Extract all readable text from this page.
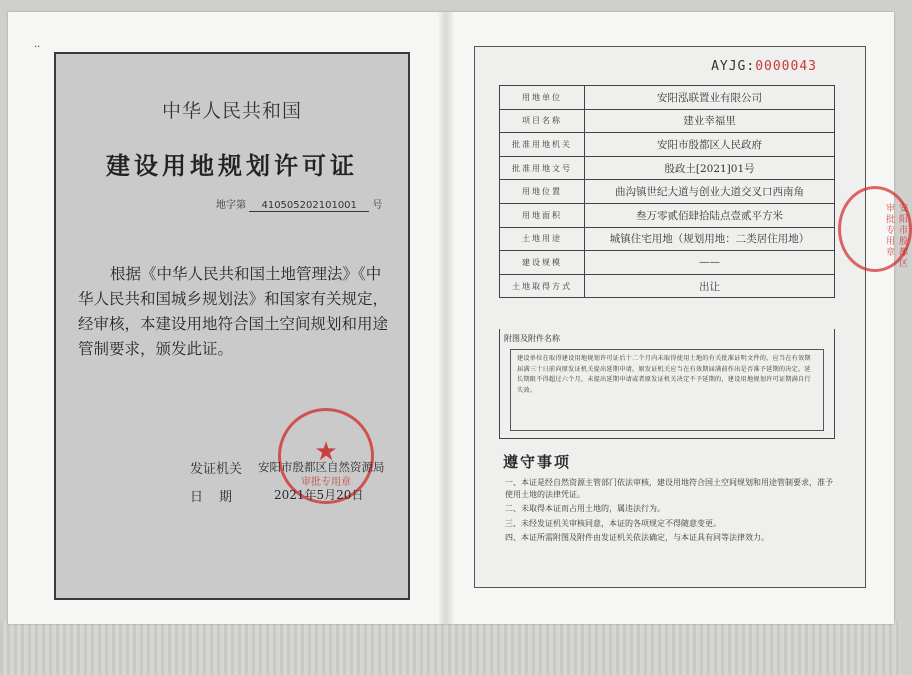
··
中华人民共和国
建设用地规划许可证
地字第 410505202101001 号
根据《中华人民共和国土地管理法》《中
华人民共和国城乡规划法》和国家有关规定，
经审核，本建设用地符合国土空间规划和用途
管制要求，颁发此证。
★
审批专用章
发证机关 安阳市殷都区自然资源局
日期 2021年5月20日
AYJG:0000043
用地单位	安阳泓联置业有限公司
项目名称	建业幸福里
批准用地机关	安阳市殷都区人民政府
批准用地文号	殷政土[2021]01号
用地位置	曲沟镇世纪大道与创业大道交叉口西南角
用地面积	叁万零贰佰肆拾陆点壹贰平方米
土地用途	城镇住宅用地（规划用地：二类居住用地）
建设规模	——
土地取得方式	出让
附图及附件名称
建设单位在取得建设用地规划许可证后十二个月内未取得使用土地的有关批准证明文件的，应当在有效期届满三十日前向原发证机关提出延期申请，原发证机关应当在有效期届满前作出是否准予延期的决定。延长期限不得超过六个月，未提出延期申请或者原发证机关决定不予延期的，建设用地规划许可证期满自行失效。
遵守事项
一、本证是经自然资源主管部门依法审核，建设用地符合国土空间规划和用途管制要求，准予使用土地的法律凭证。
二、未取得本证而占用土地的，属违法行为。
三、未经发证机关审核同意，本证的各项规定不得随意变更。
四、本证所需附图及附件由发证机关依法确定，与本证具有同等法律效力。
安阳市殷都区审批专用章
